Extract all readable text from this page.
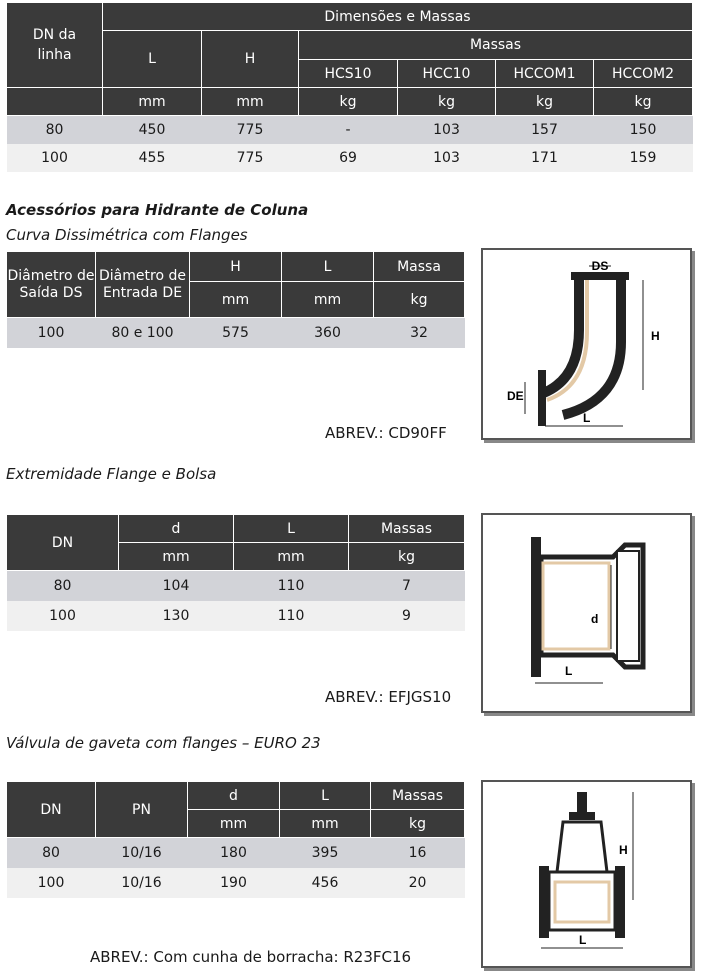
DN da linha	Dimensões e Massas					
	L	H	Massas			
			HCS10	HCC10	HCCOM1	HCCOM2
	mm	mm	kg	kg	kg	kg
80	450	775	-	103	157	150
100	455	775	69	103	171	159
Acessórios para Hidrante de Coluna
Curva Dissimétrica com Flanges
Diâmetro de Saída DS	Diâmetro de Entrada DE	H	L	Massa
		mm	mm	kg
100	80 e 100	575	360	32
ABREV.: CD90FF
DS
H
DE
L
Extremidade Flange e Bolsa
DN	d	L	Massas
	mm	mm	kg
80	104	110	7
100	130	110	9
ABREV.: EFJGS10
d
L
Válvula de gaveta com flanges – EURO 23
DN	PN	d	L	Massas
		mm	mm	kg
80	10/16	180	395	16
100	10/16	190	456	20
ABREV.: Com cunha de borracha: R23FC16
H
L
